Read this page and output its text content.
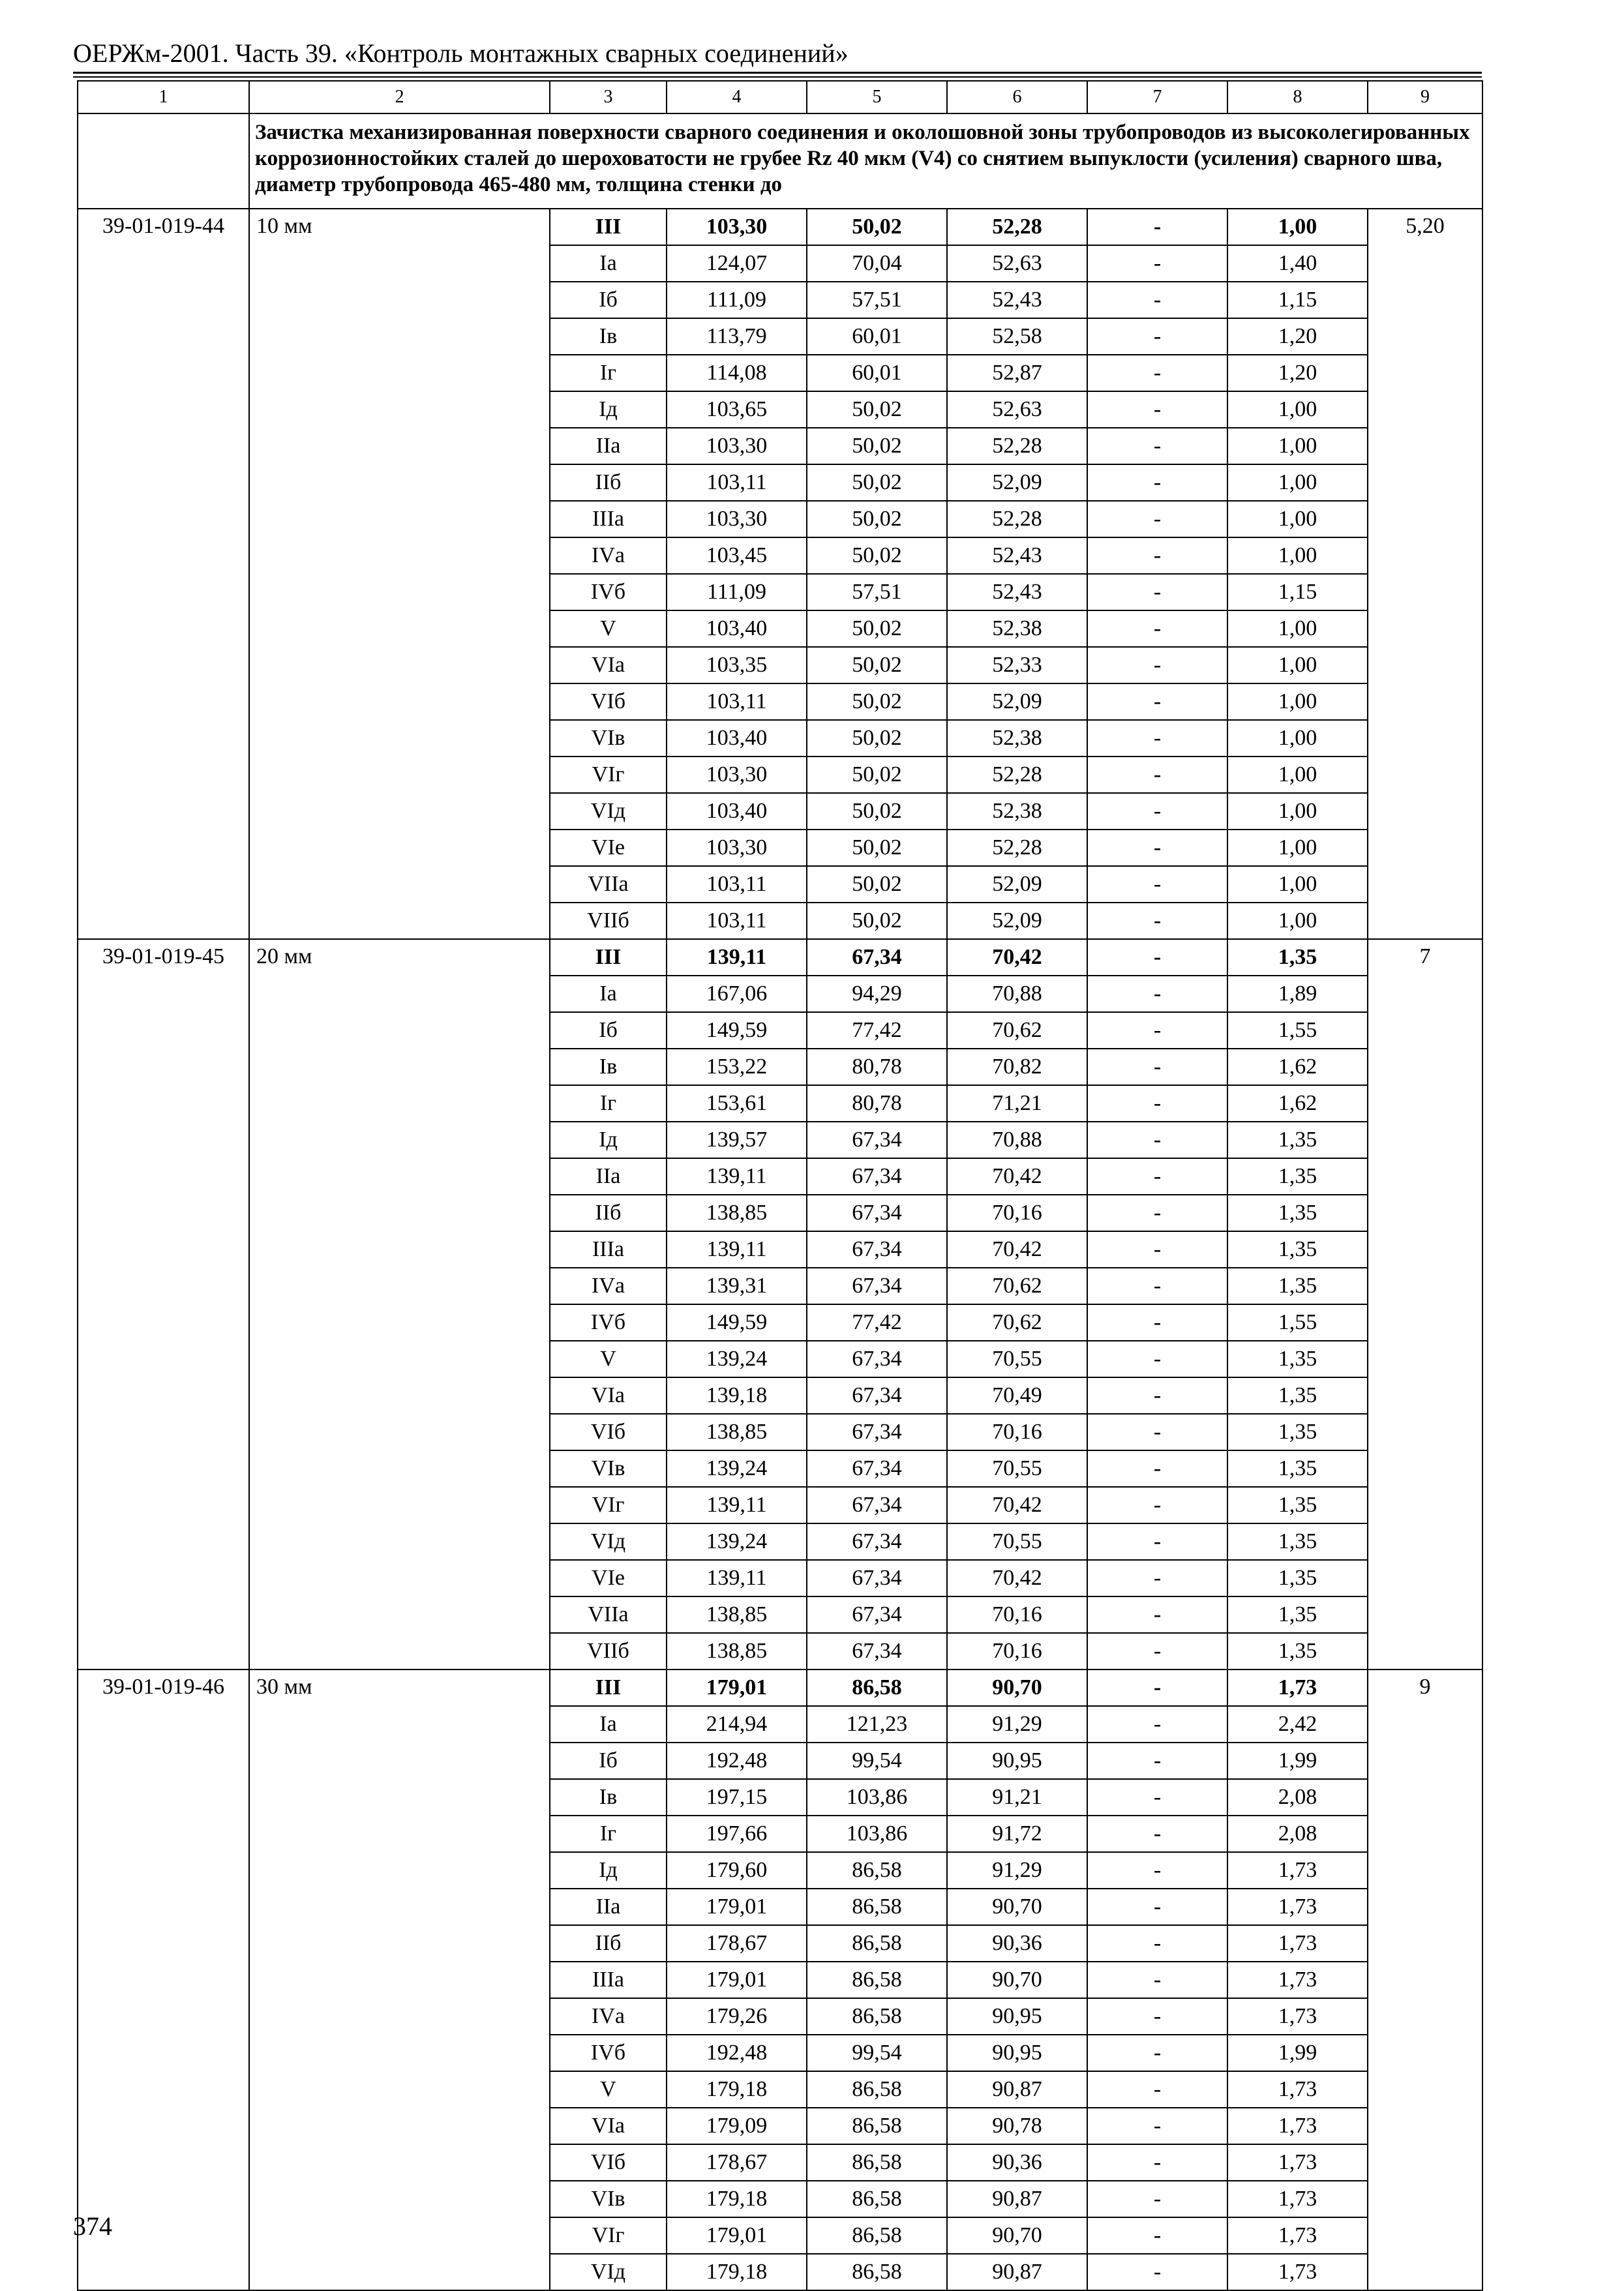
ОЕРЖм-2001. Часть 39. «Контроль монтажных сварных соединений»
1	2	3	4	5	6	7	8	9
	Зачистка механизированная поверхности сварного соединения и околошовной зоны трубопроводов из высоколегированных коррозионностойких сталей до шероховатости не грубее Rz 40 мкм (V4) со снятием выпуклости (усиления) сварного шва, диаметр трубопровода 465-480 мм, толщина стенки до							
39-01-019-44	10 мм	III	103,30	50,02	52,28	-	1,00	5,20
		Iа	124,07	70,04	52,63	-	1,40	
		Iб	111,09	57,51	52,43	-	1,15	
		Iв	113,79	60,01	52,58	-	1,20	
		Iг	114,08	60,01	52,87	-	1,20	
		Iд	103,65	50,02	52,63	-	1,00	
		IIа	103,30	50,02	52,28	-	1,00	
		IIб	103,11	50,02	52,09	-	1,00	
		IIIа	103,30	50,02	52,28	-	1,00	
		IVа	103,45	50,02	52,43	-	1,00	
		IVб	111,09	57,51	52,43	-	1,15	
		V	103,40	50,02	52,38	-	1,00	
		VIа	103,35	50,02	52,33	-	1,00	
		VIб	103,11	50,02	52,09	-	1,00	
		VIв	103,40	50,02	52,38	-	1,00	
		VIг	103,30	50,02	52,28	-	1,00	
		VIд	103,40	50,02	52,38	-	1,00	
		VIе	103,30	50,02	52,28	-	1,00	
		VIIа	103,11	50,02	52,09	-	1,00	
		VIIб	103,11	50,02	52,09	-	1,00	
39-01-019-45	20 мм	III	139,11	67,34	70,42	-	1,35	7
		Iа	167,06	94,29	70,88	-	1,89	
		Iб	149,59	77,42	70,62	-	1,55	
		Iв	153,22	80,78	70,82	-	1,62	
		Iг	153,61	80,78	71,21	-	1,62	
		Iд	139,57	67,34	70,88	-	1,35	
		IIа	139,11	67,34	70,42	-	1,35	
		IIб	138,85	67,34	70,16	-	1,35	
		IIIа	139,11	67,34	70,42	-	1,35	
		IVа	139,31	67,34	70,62	-	1,35	
		IVб	149,59	77,42	70,62	-	1,55	
		V	139,24	67,34	70,55	-	1,35	
		VIа	139,18	67,34	70,49	-	1,35	
		VIб	138,85	67,34	70,16	-	1,35	
		VIв	139,24	67,34	70,55	-	1,35	
		VIг	139,11	67,34	70,42	-	1,35	
		VIд	139,24	67,34	70,55	-	1,35	
		VIе	139,11	67,34	70,42	-	1,35	
		VIIа	138,85	67,34	70,16	-	1,35	
		VIIб	138,85	67,34	70,16	-	1,35	
39-01-019-46	30 мм	III	179,01	86,58	90,70	-	1,73	9
		Iа	214,94	121,23	91,29	-	2,42	
		Iб	192,48	99,54	90,95	-	1,99	
		Iв	197,15	103,86	91,21	-	2,08	
		Iг	197,66	103,86	91,72	-	2,08	
		Iд	179,60	86,58	91,29	-	1,73	
		IIа	179,01	86,58	90,70	-	1,73	
		IIб	178,67	86,58	90,36	-	1,73	
		IIIа	179,01	86,58	90,70	-	1,73	
		IVа	179,26	86,58	90,95	-	1,73	
		IVб	192,48	99,54	90,95	-	1,99	
		V	179,18	86,58	90,87	-	1,73	
		VIа	179,09	86,58	90,78	-	1,73	
		VIб	178,67	86,58	90,36	-	1,73	
		VIв	179,18	86,58	90,87	-	1,73	
		VIг	179,01	86,58	90,70	-	1,73	
		VIд	179,18	86,58	90,87	-	1,73	
374
